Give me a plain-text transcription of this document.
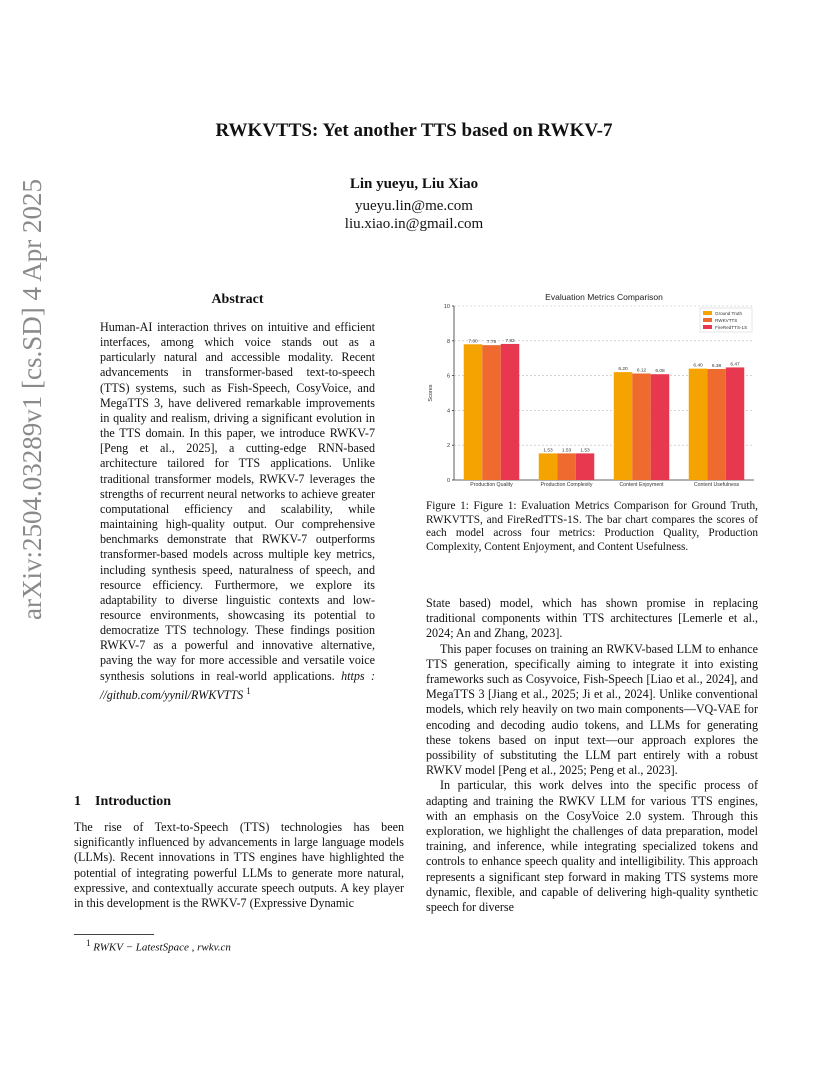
arXiv:2504.03289v1 [cs.SD] 4 Apr 2025
RWKVTTS: Yet another TTS based on RWKV-7
Lin yueyu, Liu Xiao
yueyu.lin@me.com
liu.xiao.in@gmail.com
Abstract
Human-AI interaction thrives on intuitive and efficient interfaces, among which voice stands out as a particularly natural and accessible modality. Recent advancements in transformer-based text-to-speech (TTS) systems, such as Fish-Speech, CosyVoice, and MegaTTS 3, have delivered remarkable improvements in quality and realism, driving a significant evolution in the TTS domain. In this paper, we introduce RWKV-7 [Peng et al., 2025], a cutting-edge RNN-based architecture tailored for TTS applications. Unlike traditional transformer models, RWKV-7 leverages the strengths of recurrent neural networks to achieve greater computational efficiency and scalability, while maintaining high-quality output. Our comprehensive benchmarks demonstrate that RWKV-7 outperforms transformer-based models across multiple key metrics, including synthesis speed, naturalness of speech, and resource efficiency. Furthermore, we explore its adaptability to diverse linguistic contexts and low-resource environments, showcasing its potential to democratize TTS technology. These findings position RWKV-7 as a powerful and innovative alternative, paving the way for more accessible and versatile voice synthesis solutions in real-world applications. https : //github.com/yynil/RWKVTTS $^1$
1 Introduction
The rise of Text-to-Speech (TTS) technologies has been significantly influenced by advancements in large language models (LLMs). Recent innovations in TTS engines have highlighted the potential of integrating powerful LLMs to generate more natural, expressive, and contextually accurate speech outputs. A key player in this development is the RWKV-7 (Expressive Dynamic
$^1$ RWKV − LatestSpace , rwkv.cn
Evaluation Metrics Comparison
0
2
4
6
8
10
Scores
7.80 7.75 7.82
Production Quality
1.53 1.53 1.53
Production Complexity
6.20 6.12 6.08
Content Enjoyment
6.40 6.38 6.47
Content Usefulness
Ground Truth
RWKVTTS
FireRedTTS-1S
Figure 1: Figure 1: Evaluation Metrics Comparison for Ground Truth, RWKVTTS, and FireRedTTS-1S. The bar chart compares the scores of each model across four metrics: Production Quality, Production Complexity, Content Enjoyment, and Content Usefulness.

State based) model, which has shown promise in replacing traditional components within TTS architectures [Lemerle et al., 2024; An and Zhang, 2023].

This paper focuses on training an RWKV-based LLM to enhance TTS generation, specifically aiming to integrate it into existing frameworks such as Cosyvoice, Fish-Speech [Liao et al., 2024], and MegaTTS 3 [Jiang et al., 2025; Ji et al., 2024]. Unlike conventional models, which rely heavily on two main components—VQ-VAE for encoding and decoding audio tokens, and LLMs for generating these tokens based on input text—our approach explores the possibility of substituting the LLM part entirely with a robust RWKV model [Peng et al., 2025; Peng et al., 2023].

In particular, this work delves into the specific process of adapting and training the RWKV LLM for various TTS engines, with an emphasis on the CosyVoice 2.0 system. Through this exploration, we highlight the challenges of data preparation, model training, and inference, while integrating specialized tokens and controls to enhance speech quality and intelligibility. This approach represents a significant step forward in making TTS systems more dynamic, flexible, and capable of delivering high-quality synthetic speech for diverse
